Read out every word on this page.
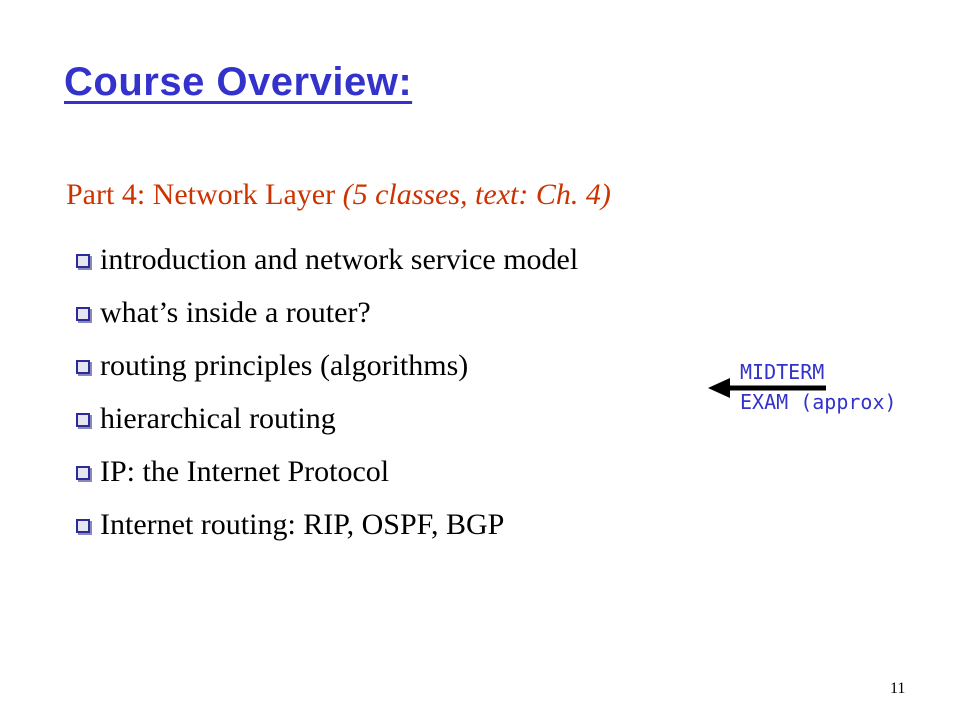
Course Overview:
Part 4: Network Layer (5 classes, text: Ch. 4)
introduction and network service model
what’s inside a router?
routing principles (algorithms)
hierarchical routing
IP: the Internet Protocol
Internet routing: RIP, OSPF, BGP
MIDTERM
EXAM (approx)
11
